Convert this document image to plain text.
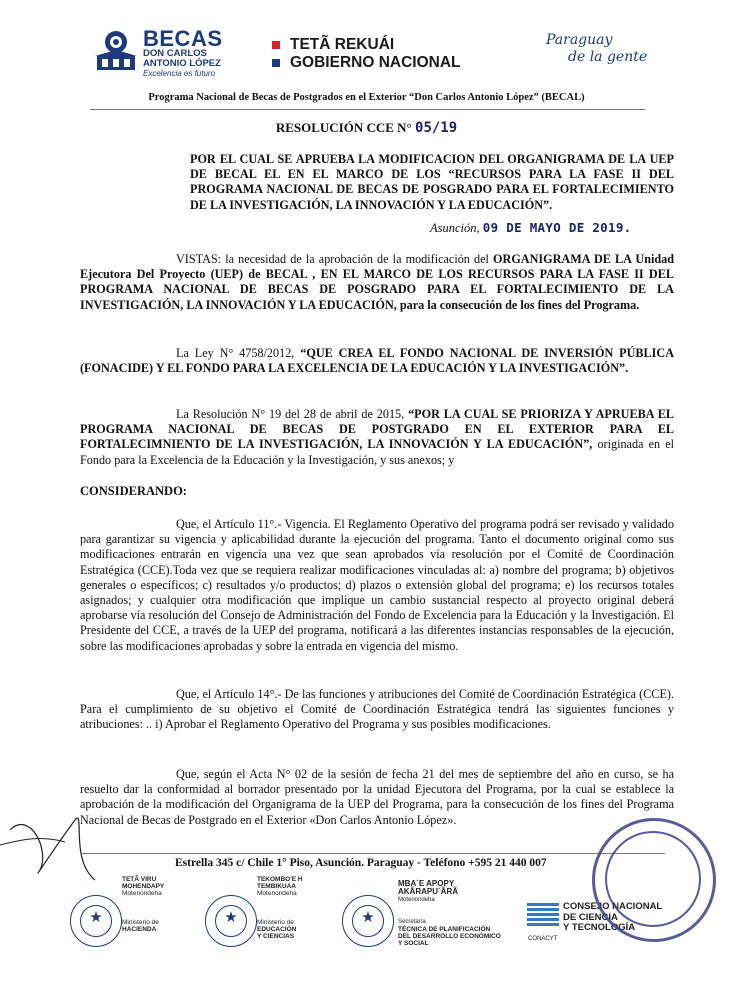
BECAS
DON CARLOS
ANTONIO LÓPEZ
Excelencia es futuro
TETÃ REKUÁI
GOBIERNO NACIONAL
Paraguay
de la gente
Programa Nacional de Becas de Postgrados en el Exterior “Don Carlos Antonio López” (BECAL)
RESOLUCIÓN CCE N° 05/19
POR EL CUAL SE APRUEBA LA MODIFICACION DEL ORGANIGRAMA DE LA UEP DE BECAL EL EN EL MARCO DE LOS “RECURSOS PARA LA FASE II DEL PROGRAMA NACIONAL DE BECAS DE POSGRADO PARA EL FORTALECIMIENTO DE LA INVESTIGACIÓN, LA INNOVACIÓN Y LA EDUCACIÓN”.
Asunción, 09 DE MAYO DE 2019.
VISTAS: la necesidad de la aprobación de la modificación del ORGANIGRAMA DE LA Unidad Ejecutora Del Proyecto (UEP) de BECAL , EN EL MARCO DE LOS RECURSOS PARA LA FASE II DEL PROGRAMA NACIONAL DE BECAS DE POSGRADO PARA EL FORTALECIMIENTO DE LA INVESTIGACIÓN, LA INNOVACIÓN Y LA EDUCACIÓN, para la consecución de los fines del Programa.
La Ley N° 4758/2012, “QUE CREA EL FONDO NACIONAL DE INVERSIÓN PÚBLICA (FONACIDE) Y EL FONDO PARA LA EXCELENCIA DE LA EDUCACIÓN Y LA INVESTIGACIÓN”.
La Resolución N° 19 del 28 de abril de 2015, “POR LA CUAL SE PRIORIZA Y APRUEBA EL PROGRAMA NACIONAL DE BECAS DE POSTGRADO EN EL EXTERIOR PARA EL FORTALECIMNIENTO DE LA INVESTIGACIÓN, LA INNOVACIÓN Y LA EDUCACIÓN”, originada en el Fondo para la Excelencia de la Educación y la Investigación, y sus anexos; y
CONSIDERANDO:
Que, el Artículo 11°.- Vigencia. El Reglamento Operativo del programa podrá ser revisado y validado para garantizar su vigencia y aplicabilidad durante la ejecución del programa. Tanto el documento original como sus modificaciones entrarán en vigencia una vez que sean aprobados vía resolución por el Comité de Coordinación Estratégica (CCE).Toda vez que se requiera realizar modificaciones vinculadas al: a) nombre del programa; b) objetivos generales o específicos; c) resultados y/o productos; d) plazos o extensión global del programa; e) los recursos totales asignados; y cualquier otra modificación que implique un cambio sustancial respecto al proyecto original deberá aprobarse vía resolución del Consejo de Administración del Fondo de Excelencia para la Educación y la Investigación. El Presidente del CCE, a través de la UEP del programa, notificará a las diferentes instancias responsables de la ejecución, sobre las modificaciones aprobadas y sobre la entrada en vigencia del mismo.
Que, el Artículo 14°.- De las funciones y atribuciones del Comité de Coordinación Estratégica (CCE). Para el cumplimiento de su objetivo el Comité de Coordinación Estratégica tendrá las siguientes funciones y atribuciones: .. i) Aprobar el Reglamento Operativo del Programa y sus posibles modificaciones.
Que, según el Acta N° 02 de la sesión de fecha 21 del mes de septiembre del año en curso, se ha resuelto dar la conformidad al borrador presentado por la unidad Ejecutora del Programa, por la cual se establece la aprobación de la modificación del Organigrama de la UEP del Programa, para la consecución de los fines del Programa Nacional de Becas de Postgrado en el Exterior «Don Carlos Antonio López».
Estrella 345 c/ Chile 1° Piso, Asunción. Paraguay - Teléfono +595 21 440 007
★
TETÃ VIRU
MOHENDAPY
Motenondeha
Ministerio de
HACIENDA
★
TEKOMBO'E H
TEMBIKUAA
Motenondeha
Ministerio de
EDUCACIÓN
Y CIENCIAS
★
MBA´E APOPY
AKÃRAPU´ÃRÃ
Motenondeha
Secretaría
TÉCNICA DE PLANIFICACIÓN
DEL DESARROLLO ECONÓMICO
Y SOCIAL
CONSEJO NACIONAL
DE CIENCIA
Y TECNOLOGÍA
CONACYT
